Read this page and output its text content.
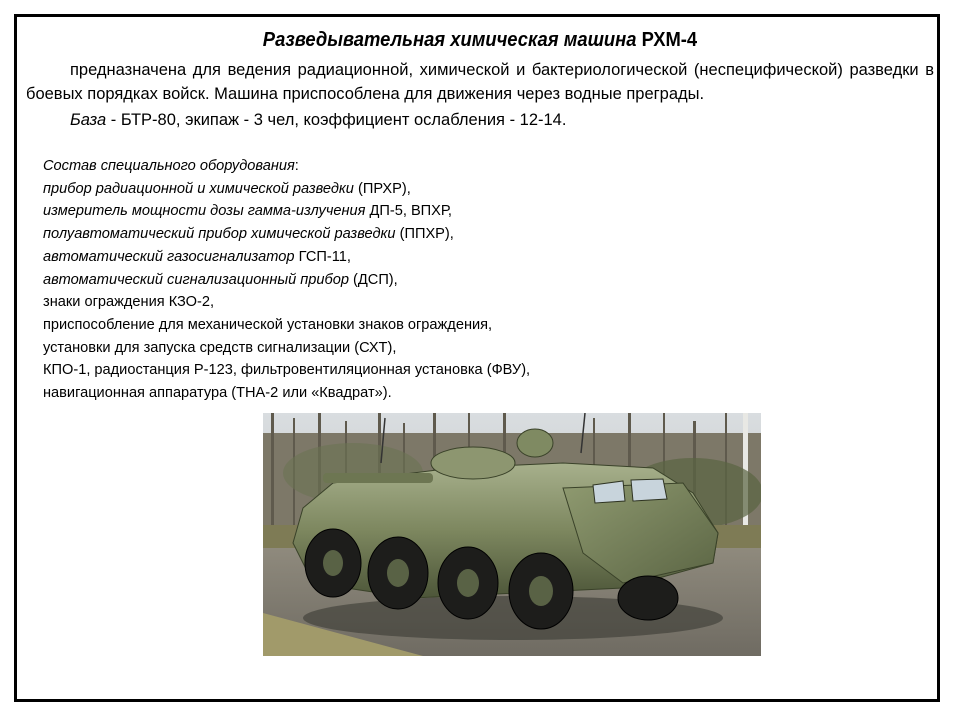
Разведывательная химическая машина РХМ-4
предназначена для ведения радиационной, химической и бактериологической (неспецифической) разведки в боевых порядках войск. Машина приспособлена для движения через водные преграды.
База - БТР-80, экипаж - 3 чел, коэффициент ослабления - 12-14.
Состав специального оборудования:
прибор радиационной и химической разведки (ПРХР),
измеритель мощности дозы гамма-излучения ДП-5, ВПХР,
полуавтоматический прибор химической разведки (ППХР),
автоматический газосигнализатор ГСП-11,
автоматический сигнализационный прибор (ДСП),
знаки ограждения КЗО-2,
приспособление для механической установки знаков ограждения,
установки для запуска средств сигнализации (СХТ),
КПО-1, радиостанция Р-123, фильтровентиляционная установка (ФВУ),
навигационная аппаратура (ТНА-2 или «Квадрат»).
